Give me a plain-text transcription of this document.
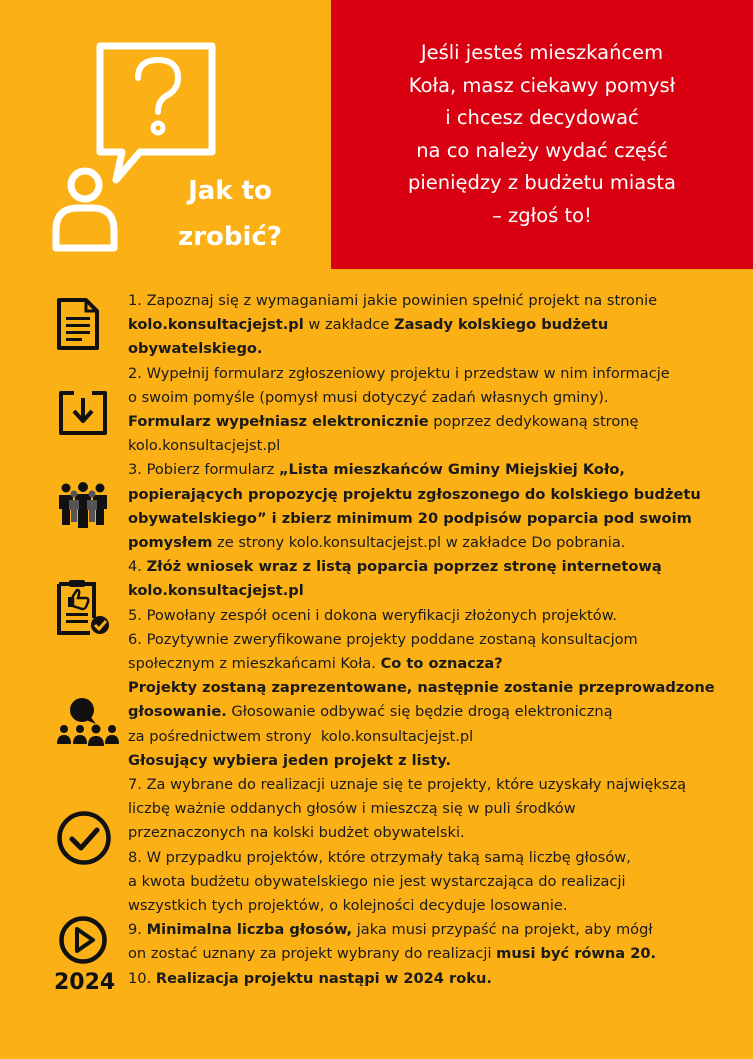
Jak to
zrobić?
Jeśli jesteś mieszkańcem
Koła, masz ciekawy pomysł
i chcesz decydować
na co należy wydać część
pieniędzy z budżetu miasta
– zgłoś to!
2024
1. Zapoznaj się z wymaganiami jakie powinien spełnić projekt na stronie
kolo.konsultacjejst.pl w zakładce Zasady kolskiego budżetu
obywatelskiego.
2. Wypełnij formularz zgłoszeniowy projektu i przedstaw w nim informacje
o swoim pomyśle (pomysł musi dotyczyć zadań własnych gminy).
Formularz wypełniasz elektronicznie poprzez dedykowaną stronę
kolo.konsultacjejst.pl
3. Pobierz formularz „Lista mieszkańców Gminy Miejskiej Koło,
popierających propozycję projektu zgłoszonego do kolskiego budżetu
obywatelskiego” i zbierz minimum 20 podpisów poparcia pod swoim
pomysłem ze strony kolo.konsultacjejst.pl w zakładce Do pobrania.
4. Złóż wniosek wraz z listą poparcia poprzez stronę internetową
kolo.konsultacjejst.pl
5. Powołany zespół oceni i dokona weryfikacji złożonych projektów.
6. Pozytywnie zweryfikowane projekty poddane zostaną konsultacjom
społecznym z mieszkańcami Koła. Co to oznacza?
Projekty zostaną zaprezentowane, następnie zostanie przeprowadzone
głosowanie. Głosowanie odbywać się będzie drogą elektroniczną
za pośrednictwem strony  kolo.konsultacjejst.pl
Głosujący wybiera jeden projekt z listy.
7. Za wybrane do realizacji uznaje się te projekty, które uzyskały największą
liczbę ważnie oddanych głosów i mieszczą się w puli środków
przeznaczonych na kolski budżet obywatelski.
8. W przypadku projektów, które otrzymały taką samą liczbę głosów,
a kwota budżetu obywatelskiego nie jest wystarczająca do realizacji
wszystkich tych projektów, o kolejności decyduje losowanie.
9. Minimalna liczba głosów, jaka musi przypaść na projekt, aby mógł
on zostać uznany za projekt wybrany do realizacji musi być równa 20.
10. Realizacja projektu nastąpi w 2024 roku.
